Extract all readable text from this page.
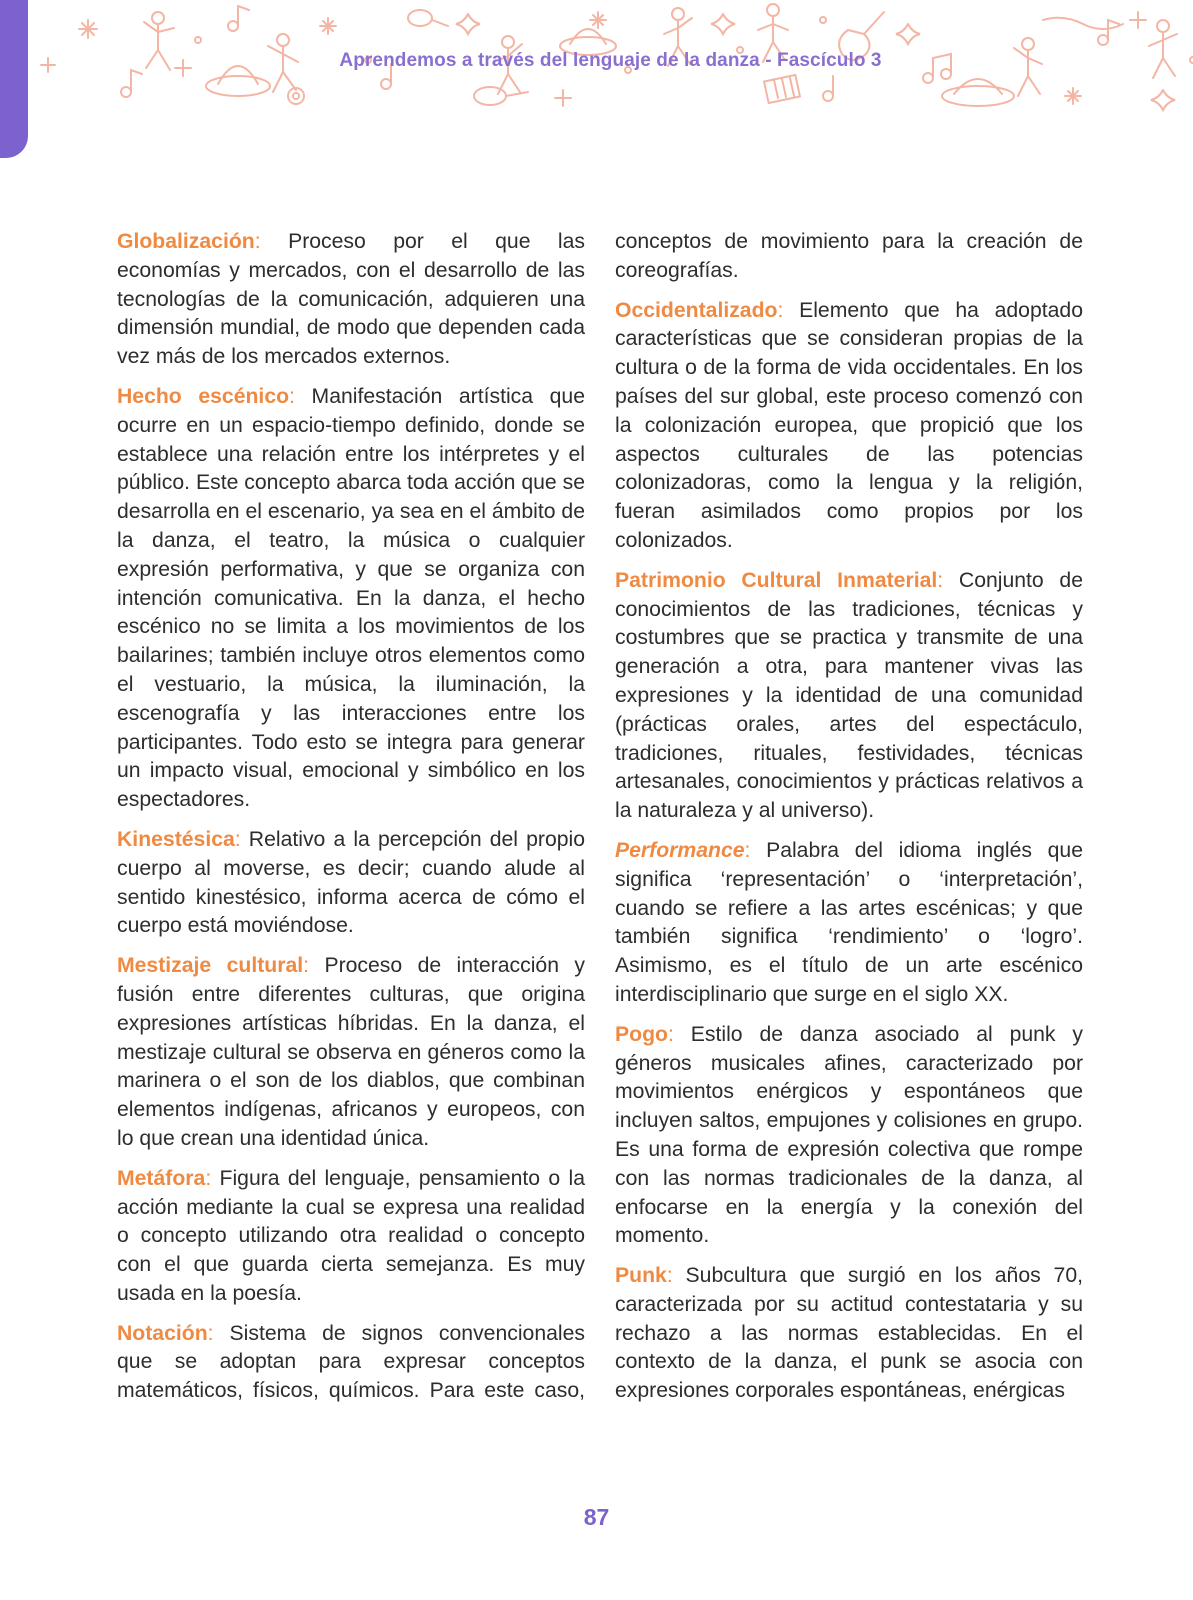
Aprendemos a través del lenguaje de la danza - Fascículo 3

Globalización: Proceso por el que las economías y mercados, con el desarrollo de las tecnologías de la comunicación, adquieren una dimensión mundial, de modo que dependen cada vez más de los mercados externos.

Hecho escénico: Manifestación artística que ocurre en un espacio-tiempo definido, donde se establece una relación entre los intérpretes y el público. Este concepto abarca toda acción que se desarrolla en el escenario, ya sea en el ámbito de la danza, el teatro, la música o cualquier expresión performativa, y que se organiza con intención comunicativa. En la danza, el hecho escénico no se limita a los movimientos de los bailarines; también incluye otros elementos como el vestuario, la música, la iluminación, la escenografía y las interacciones entre los participantes. Todo esto se integra para generar un impacto visual, emocional y simbólico en los espectadores.

Kinestésica: Relativo a la percepción del propio cuerpo al moverse, es decir; cuando alude al sentido kinestésico, informa acerca de cómo el cuerpo está moviéndose.

Mestizaje cultural: Proceso de interacción y fusión entre diferentes culturas, que origina expresiones artísticas híbridas. En la danza, el mestizaje cultural se observa en géneros como la marinera o el son de los diablos, que combinan elementos indígenas, africanos y europeos, con lo que crean una identidad única.

Metáfora: Figura del lenguaje, pensamiento o la acción mediante la cual se expresa una realidad o concepto utilizando otra realidad o concepto con el que guarda cierta semejanza. Es muy usada en la poesía.

Notación: Sistema de signos convencionales que se adoptan para expresar conceptos matemáticos, físicos, químicos. Para este caso, conceptos de movimiento para la creación de coreografías.

Occidentalizado: Elemento que ha adoptado características que se consideran propias de la cultura o de la forma de vida occidentales. En los países del sur global, este proceso comenzó con la colonización europea, que propició que los aspectos culturales de las potencias colonizadoras, como la lengua y la religión, fueran asimilados como propios por los colonizados.

Patrimonio Cultural Inmaterial: Conjunto de conocimientos de las tradiciones, técnicas y costumbres que se practica y transmite de una generación a otra, para mantener vivas las expresiones y la identidad de una comunidad (prácticas orales, artes del espectáculo, tradiciones, rituales, festividades, técnicas artesanales, conocimientos y prácticas relativos a la naturaleza y al universo).

Performance: Palabra del idioma inglés que significa ‘representación’ o ‘interpretación’, cuando se refiere a las artes escénicas; y que también significa ‘rendimiento’ o ‘logro’. Asimismo, es el título de un arte escénico interdisciplinario que surge en el siglo XX.

Pogo: Estilo de danza asociado al punk y géneros musicales afines, caracterizado por movimientos enérgicos y espontáneos que incluyen saltos, empujones y colisiones en grupo. Es una forma de expresión colectiva que rompe con las normas tradicionales de la danza, al enfocarse en la energía y la conexión del momento.

Punk: Subcultura que surgió en los años 70, caracterizada por su actitud contestataria y su rechazo a las normas establecidas. En el contexto de la danza, el punk se asocia con expresiones corporales espontáneas, enérgicas

87
